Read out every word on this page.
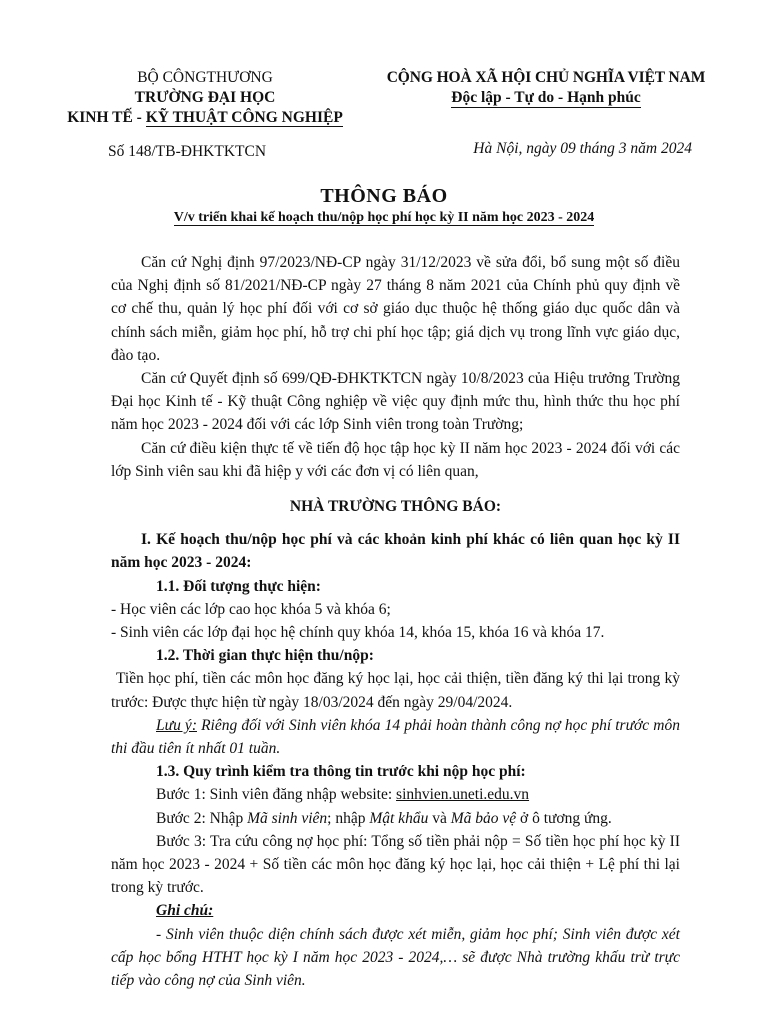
BỘ CÔNGTHƯƠNG
TRƯỜNG ĐẠI HỌC
KINH TẾ - KỸ THUẬT CÔNG NGHIỆP
Số 148/TB-ĐHKTKTCN
CỘNG HOÀ XÃ HỘI CHỦ NGHĨA VIỆT NAM
Độc lập - Tự do - Hạnh phúc
Hà Nội, ngày 09 tháng 3 năm 2024
THÔNG BÁO
V/v triển khai kế hoạch thu/nộp học phí học kỳ II năm học 2023 - 2024

Căn cứ Nghị định 97/2023/NĐ-CP ngày 31/12/2023 về sửa đổi, bổ sung một số điều của Nghị định số 81/2021/NĐ-CP ngày 27 tháng 8 năm 2021 của Chính phủ quy định về cơ chế thu, quản lý học phí đối với cơ sở giáo dục thuộc hệ thống giáo dục quốc dân và chính sách miễn, giảm học phí, hỗ trợ chi phí học tập; giá dịch vụ trong lĩnh vực giáo dục, đào tạo.

Căn cứ Quyết định số 699/QĐ-ĐHKTKTCN ngày 10/8/2023 của Hiệu trưởng Trường Đại học Kinh tế - Kỹ thuật Công nghiệp về việc quy định mức thu, hình thức thu học phí năm học 2023 - 2024 đối với các lớp Sinh viên trong toàn Trường;

Căn cứ điều kiện thực tế về tiến độ học tập học kỳ II năm học 2023 - 2024 đối với các lớp Sinh viên sau khi đã hiệp y với các đơn vị có liên quan,

NHÀ TRƯỜNG THÔNG BÁO:

I. Kế hoạch thu/nộp học phí và các khoản kinh phí khác có liên quan học kỳ II năm học 2023 - 2024:

1.1. Đối tượng thực hiện:

- Học viên các lớp cao học khóa 5 và khóa 6;

- Sinh viên các lớp đại học hệ chính quy khóa 14, khóa 15, khóa 16 và khóa 17.

1.2. Thời gian thực hiện thu/nộp:

Tiền học phí, tiền các môn học đăng ký học lại, học cải thiện, tiền đăng ký thi lại trong kỳ trước: Được thực hiện từ ngày 18/03/2024 đến ngày 29/04/2024.

Lưu ý: Riêng đối với Sinh viên khóa 14 phải hoàn thành công nợ học phí trước môn thi đầu tiên ít nhất 01 tuần.

1.3. Quy trình kiểm tra thông tin trước khi nộp học phí:

Bước 1: Sinh viên đăng nhập website: sinhvien.uneti.edu.vn

Bước 2: Nhập Mã sinh viên; nhập Mật khẩu và Mã bảo vệ ở ô tương ứng.

Bước 3: Tra cứu công nợ học phí: Tổng số tiền phải nộp = Số tiền học phí học kỳ II năm học 2023 - 2024 + Số tiền các môn học đăng ký học lại, học cải thiện + Lệ phí thi lại trong kỳ trước.

Ghi chú:

- Sinh viên thuộc diện chính sách được xét miễn, giảm học phí; Sinh viên được xét cấp học bổng HTHT học kỳ I năm học 2023 - 2024,… sẽ được Nhà trường khấu trừ trực tiếp vào công nợ của Sinh viên.
